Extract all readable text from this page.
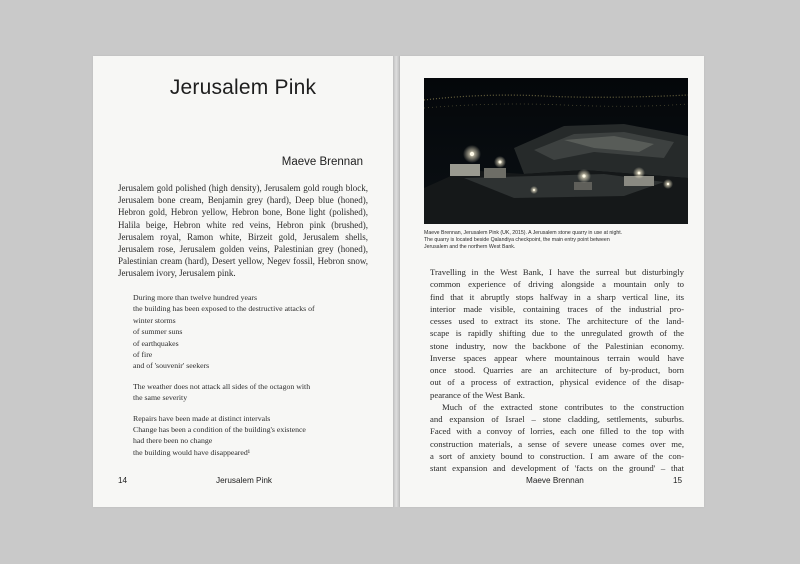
Jerusalem Pink
Maeve Brennan

Jerusalem gold polished (high density), Jerusalem gold rough block, Jerusalem bone cream, Benjamin grey (hard), Deep blue (honed), Hebron gold, Hebron yellow, Hebron bone, Bone light (polished), Halila beige, Hebron white red veins, Hebron pink (brushed), Jerusalem royal, Ramon white, Birzeit gold, Jerusalem shells, Jerusalem rose, Jerusalem golden veins, Palestinian grey (honed), Palestinian cream (hard), Desert yellow, Negev fossil, Hebron snow, Jerusalem ivory, Jerusalem pink.

During more than twelve hundred years
the building has been exposed to the destructive attacks of
winter storms
of summer suns
of earthquakes
of fire
and of 'souvenir' seekers
The weather does not attack all sides of the octagon with
the same severity
Repairs have been made at distinct intervals
Change has been a condition of the building's existence
had there been no change
the building would have disappeared¹
14	Jerusalem Pink
Maeve Brennan, Jerusalem Pink (UK, 2015). A Jerusalem stone quarry in use at night.
The quarry is located beside Qalandiya checkpoint, the main entry point between
Jerusalem and the northern West Bank.
Travelling in the West Bank, I have the surreal but disturbingly
common experience of driving alongside a mountain only to
find that it abruptly stops halfway in a sharp vertical line, its
interior made visible, containing traces of the industrial pro-
cesses used to extract its stone. The architecture of the land-
scape is rapidly shifting due to the unregulated growth of the
stone industry, now the backbone of the Palestinian economy.
Inverse spaces appear where mountainous terrain would have
once stood. Quarries are an architecture of by-product, born
out of a process of extraction, physical evidence of the disap-
pearance of the West Bank.
Much of the extracted stone contributes to the construction
and expansion of Israel – stone cladding, settlements, suburbs.
Faced with a convoy of lorries, each one filled to the top with
construction materials, a sense of severe unease comes over me,
a sort of anxiety bound to construction. I am aware of the con-
stant expansion and development of 'facts on the ground' – that
Maeve Brennan	15
